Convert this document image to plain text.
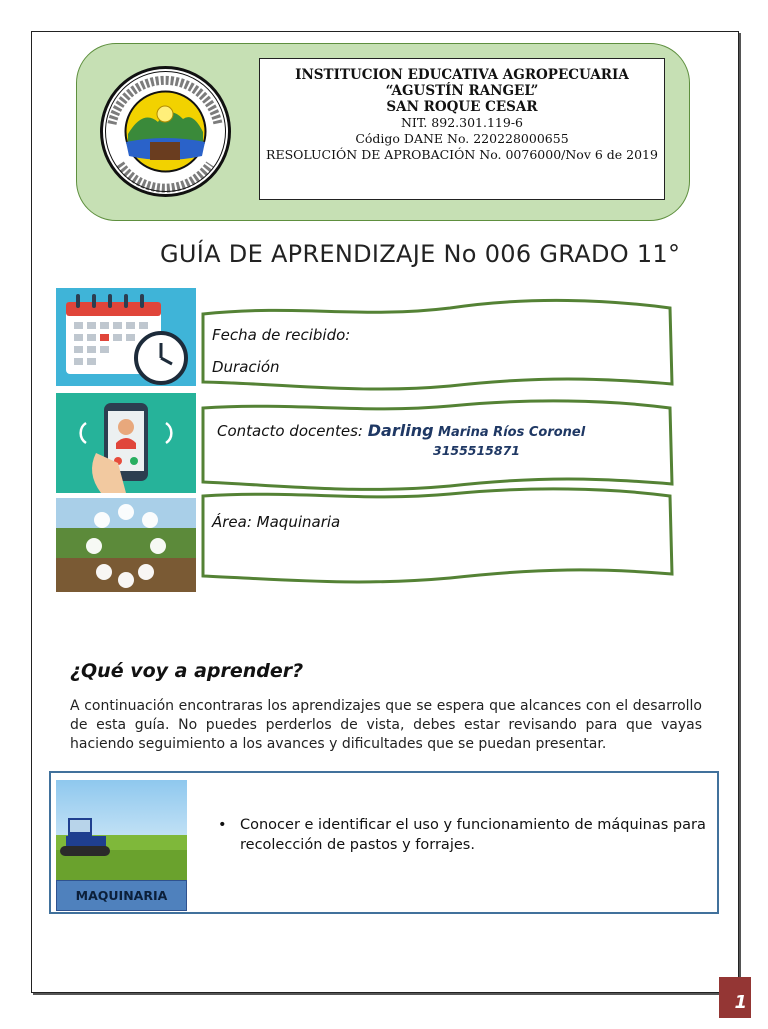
INSTITUCION EDUCATIVA AGROPECUARIA
“AGUSTÍN RANGEL”
SAN ROQUE CESAR
NIT. 892.301.119-6
Código DANE No. 220228000655
RESOLUCIÓN DE APROBACIÓN No. 0076000/Nov 6 de 2019
GUÍA DE APRENDIZAJE No 006 GRADO 11°
Fecha de recibido:
Duración
Contacto docentes: Darling Marina Ríos Coronel
3155515871
Área: Maquinaria
¿Qué voy a aprender?
A continuación encontraras los aprendizajes que se espera que alcances con el desarrollo de esta guía. No puedes perderlos de vista, debes estar revisando para que vayas haciendo seguimiento a los avances y dificultades que se puedan presentar.
MAQUINARIA
• Conocer e identificar el uso y funcionamiento de máquinas para recolección de pastos y forrajes.
1
